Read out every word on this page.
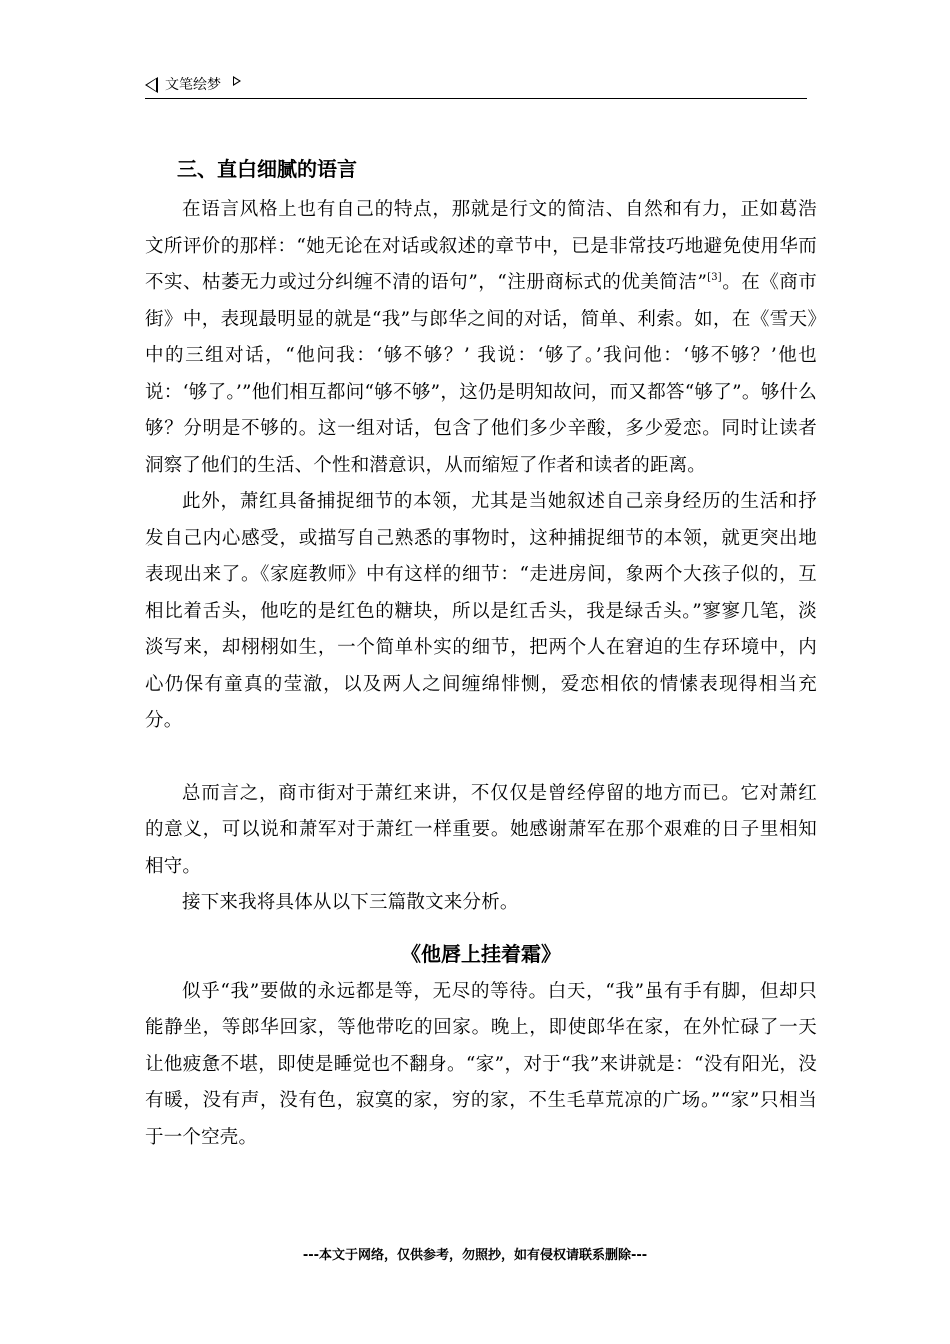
文笔绘梦
三、直白细腻的语言

在语言风格上也有自己的特点，那就是行文的简洁、自然和有力，正如葛浩文所评价的那样：“她无论在对话或叙述的章节中，已是非常技巧地避免使用华而不实、枯萎无力或过分纠缠不清的语句”，“注册商标式的优美简洁”[3]。在《商市街》中，表现最明显的就是“我”与郎华之间的对话，简单、利索。如，在《雪天》中的三组对话，“他问我：‘够不够？’ 我说：‘够了。’我问他：‘够不够？’他也说：‘够了。’”他们相互都问“够不够”，这仍是明知故问，而又都答“够了”。够什么够？分明是不够的。这一组对话，包含了他们多少辛酸，多少爱恋。同时让读者洞察了他们的生活、个性和潜意识，从而缩短了作者和读者的距离。

此外，萧红具备捕捉细节的本领，尤其是当她叙述自己亲身经历的生活和抒发自己内心感受，或描写自己熟悉的事物时，这种捕捉细节的本领，就更突出地表现出来了。《家庭教师》中有这样的细节：“走进房间，象两个大孩子似的，互相比着舌头，他吃的是红色的糖块，所以是红舌头，我是绿舌头。”寥寥几笔，淡淡写来，却栩栩如生，一个简单朴实的细节，把两个人在窘迫的生存环境中，内心仍保有童真的莹澈，以及两人之间缠绵悱恻，爱恋相依的情愫表现得相当充分。

总而言之，商市街对于萧红来讲，不仅仅是曾经停留的地方而已。它对萧红的意义，可以说和萧军对于萧红一样重要。她感谢萧军在那个艰难的日子里相知相守。

接下来我将具体从以下三篇散文来分析。

《他唇上挂着霜》

似乎“我”要做的永远都是等，无尽的等待。白天，“我”虽有手有脚，但却只能静坐，等郎华回家，等他带吃的回家。晚上，即使郎华在家，在外忙碌了一天让他疲惫不堪，即使是睡觉也不翻身。“家”，对于“我”来讲就是：“没有阳光，没有暖，没有声，没有色，寂寞的家，穷的家，不生毛草荒凉的广场。”“家”只相当于一个空壳。

---本文于网络，仅供参考，勿照抄，如有侵权请联系删除---
